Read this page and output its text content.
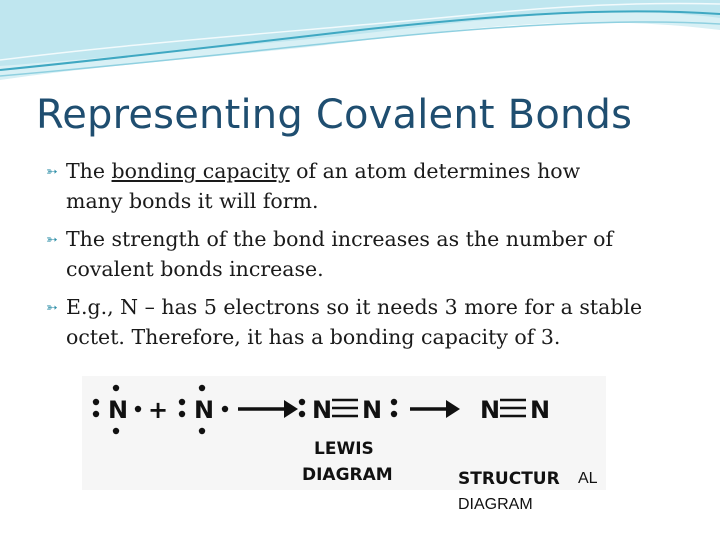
Representing Covalent Bonds
➳ The bonding capacity of an atom determines how
many bonds it will form.
➳ The strength of the bond increases as the number of
covalent bonds increase.
➳ E.g., N – has 5 electrons so it needs 3 more for a stable
octet. Therefore, it has a bonding capacity of 3.
N + N	N N	N N
LEWIS
DIAGRAM	STRUCTUR AL
DIAGRAM
